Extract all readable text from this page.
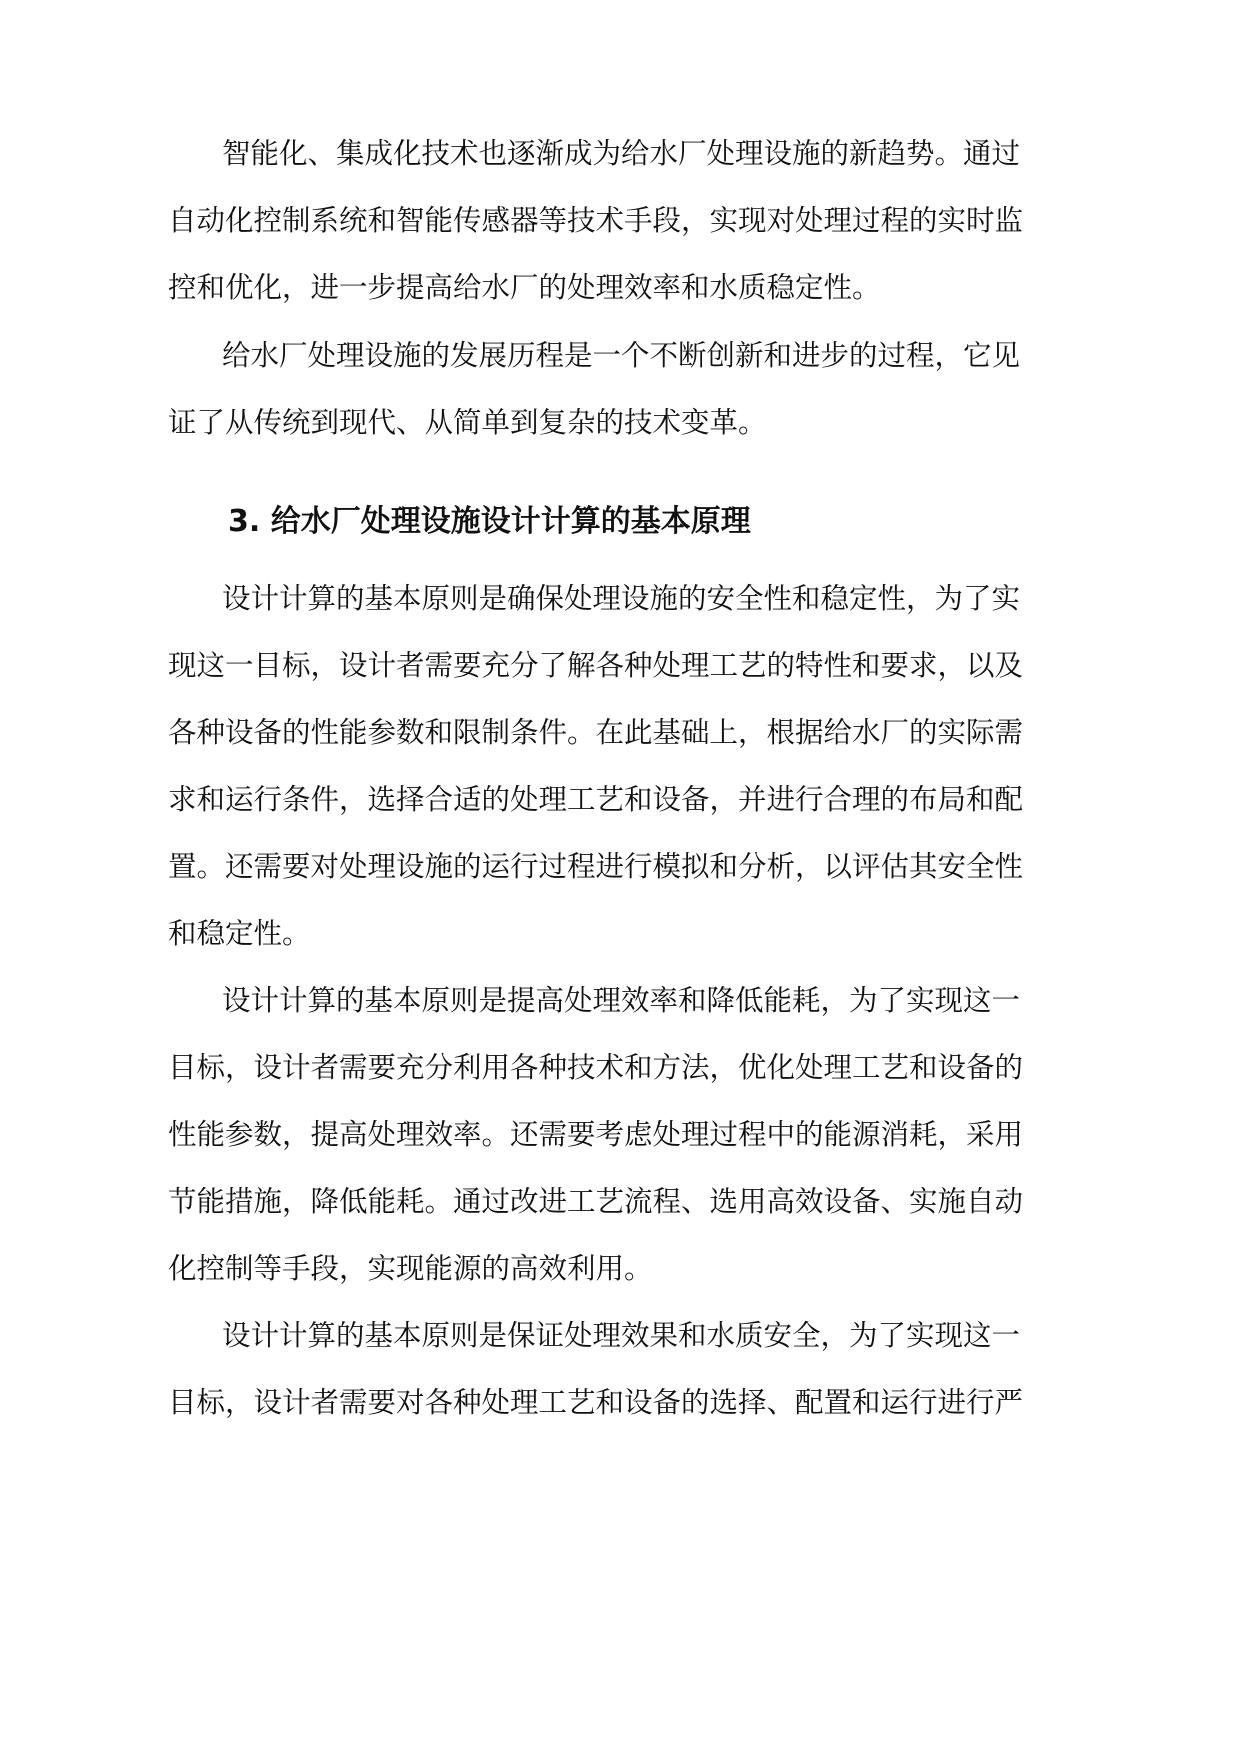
智能化、集成化技术也逐渐成为给水厂处理设施的新趋势。通过
自动化控制系统和智能传感器等技术手段，实现对处理过程的实时监
控和优化，进一步提高给水厂的处理效率和水质稳定性。
给水厂处理设施的发展历程是一个不断创新和进步的过程，它见
证了从传统到现代、从简单到复杂的技术变革。
3. 给水厂处理设施设计计算的基本原理
设计计算的基本原则是确保处理设施的安全性和稳定性，为了实
现这一目标，设计者需要充分了解各种处理工艺的特性和要求，以及
各种设备的性能参数和限制条件。在此基础上，根据给水厂的实际需
求和运行条件，选择合适的处理工艺和设备，并进行合理的布局和配
置。还需要对处理设施的运行过程进行模拟和分析，以评估其安全性
和稳定性。
设计计算的基本原则是提高处理效率和降低能耗，为了实现这一
目标，设计者需要充分利用各种技术和方法，优化处理工艺和设备的
性能参数，提高处理效率。还需要考虑处理过程中的能源消耗，采用
节能措施，降低能耗。通过改进工艺流程、选用高效设备、实施自动
化控制等手段，实现能源的高效利用。
设计计算的基本原则是保证处理效果和水质安全，为了实现这一
目标，设计者需要对各种处理工艺和设备的选择、配置和运行进行严
